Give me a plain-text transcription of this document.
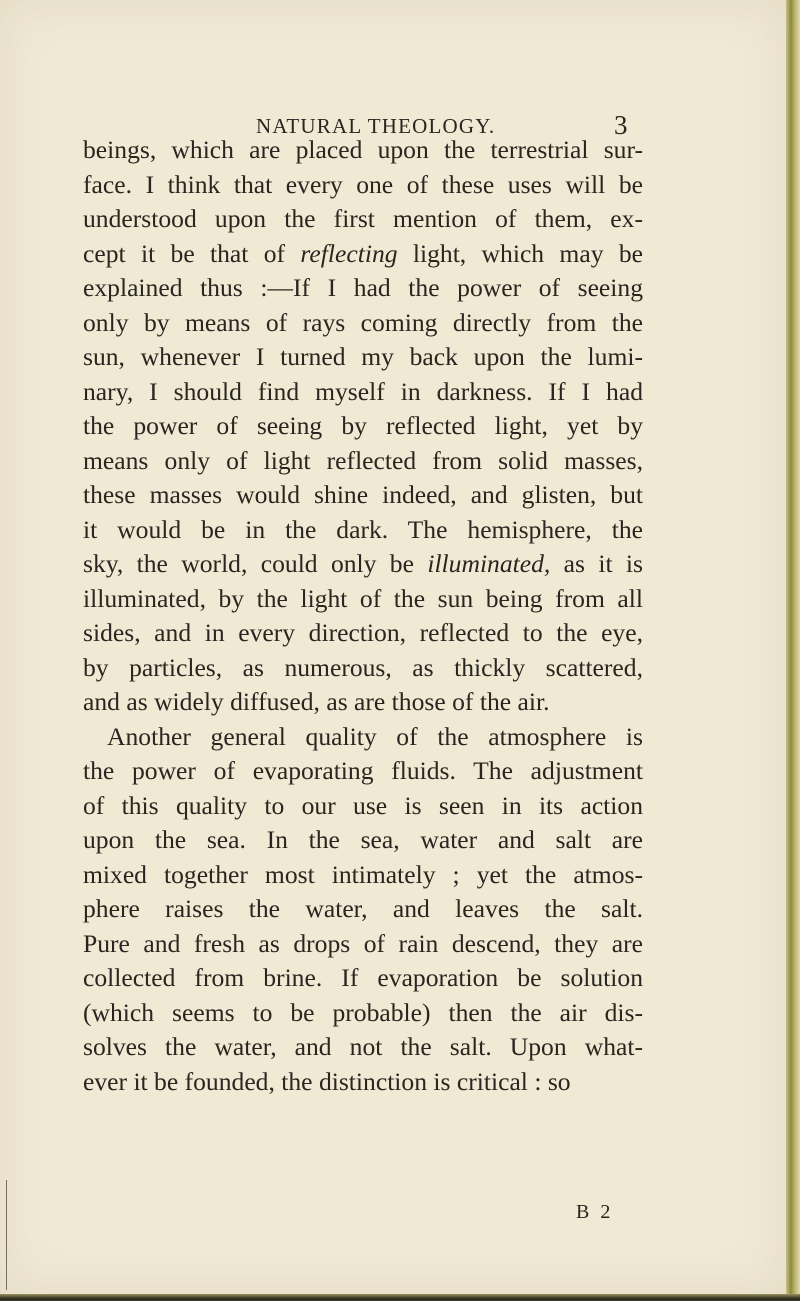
NATURAL THEOLOGY.	3
beings, which are placed upon the terrestrial sur-
face. I think that every one of these uses will be
understood upon the first mention of them, ex-
cept it be that of reflecting light, which may be
explained thus :—If I had the power of seeing
only by means of rays coming directly from the
sun, whenever I turned my back upon the lumi-
nary, I should find myself in darkness. If I had
the power of seeing by reflected light, yet by
means only of light reflected from solid masses,
these masses would shine indeed, and glisten, but
it would be in the dark. The hemisphere, the
sky, the world, could only be illuminated, as it is
illuminated, by the light of the sun being from all
sides, and in every direction, reflected to the eye,
by particles, as numerous, as thickly scattered,
and as widely diffused, as are those of the air.
Another general quality of the atmosphere is
the power of evaporating fluids. The adjustment
of this quality to our use is seen in its action
upon the sea. In the sea, water and salt are
mixed together most intimately ; yet the atmos-
phere raises the water, and leaves the salt.
Pure and fresh as drops of rain descend, they are
collected from brine. If evaporation be solution
(which seems to be probable) then the air dis-
solves the water, and not the salt. Upon what-
ever it be founded, the distinction is critical : so
B 2
